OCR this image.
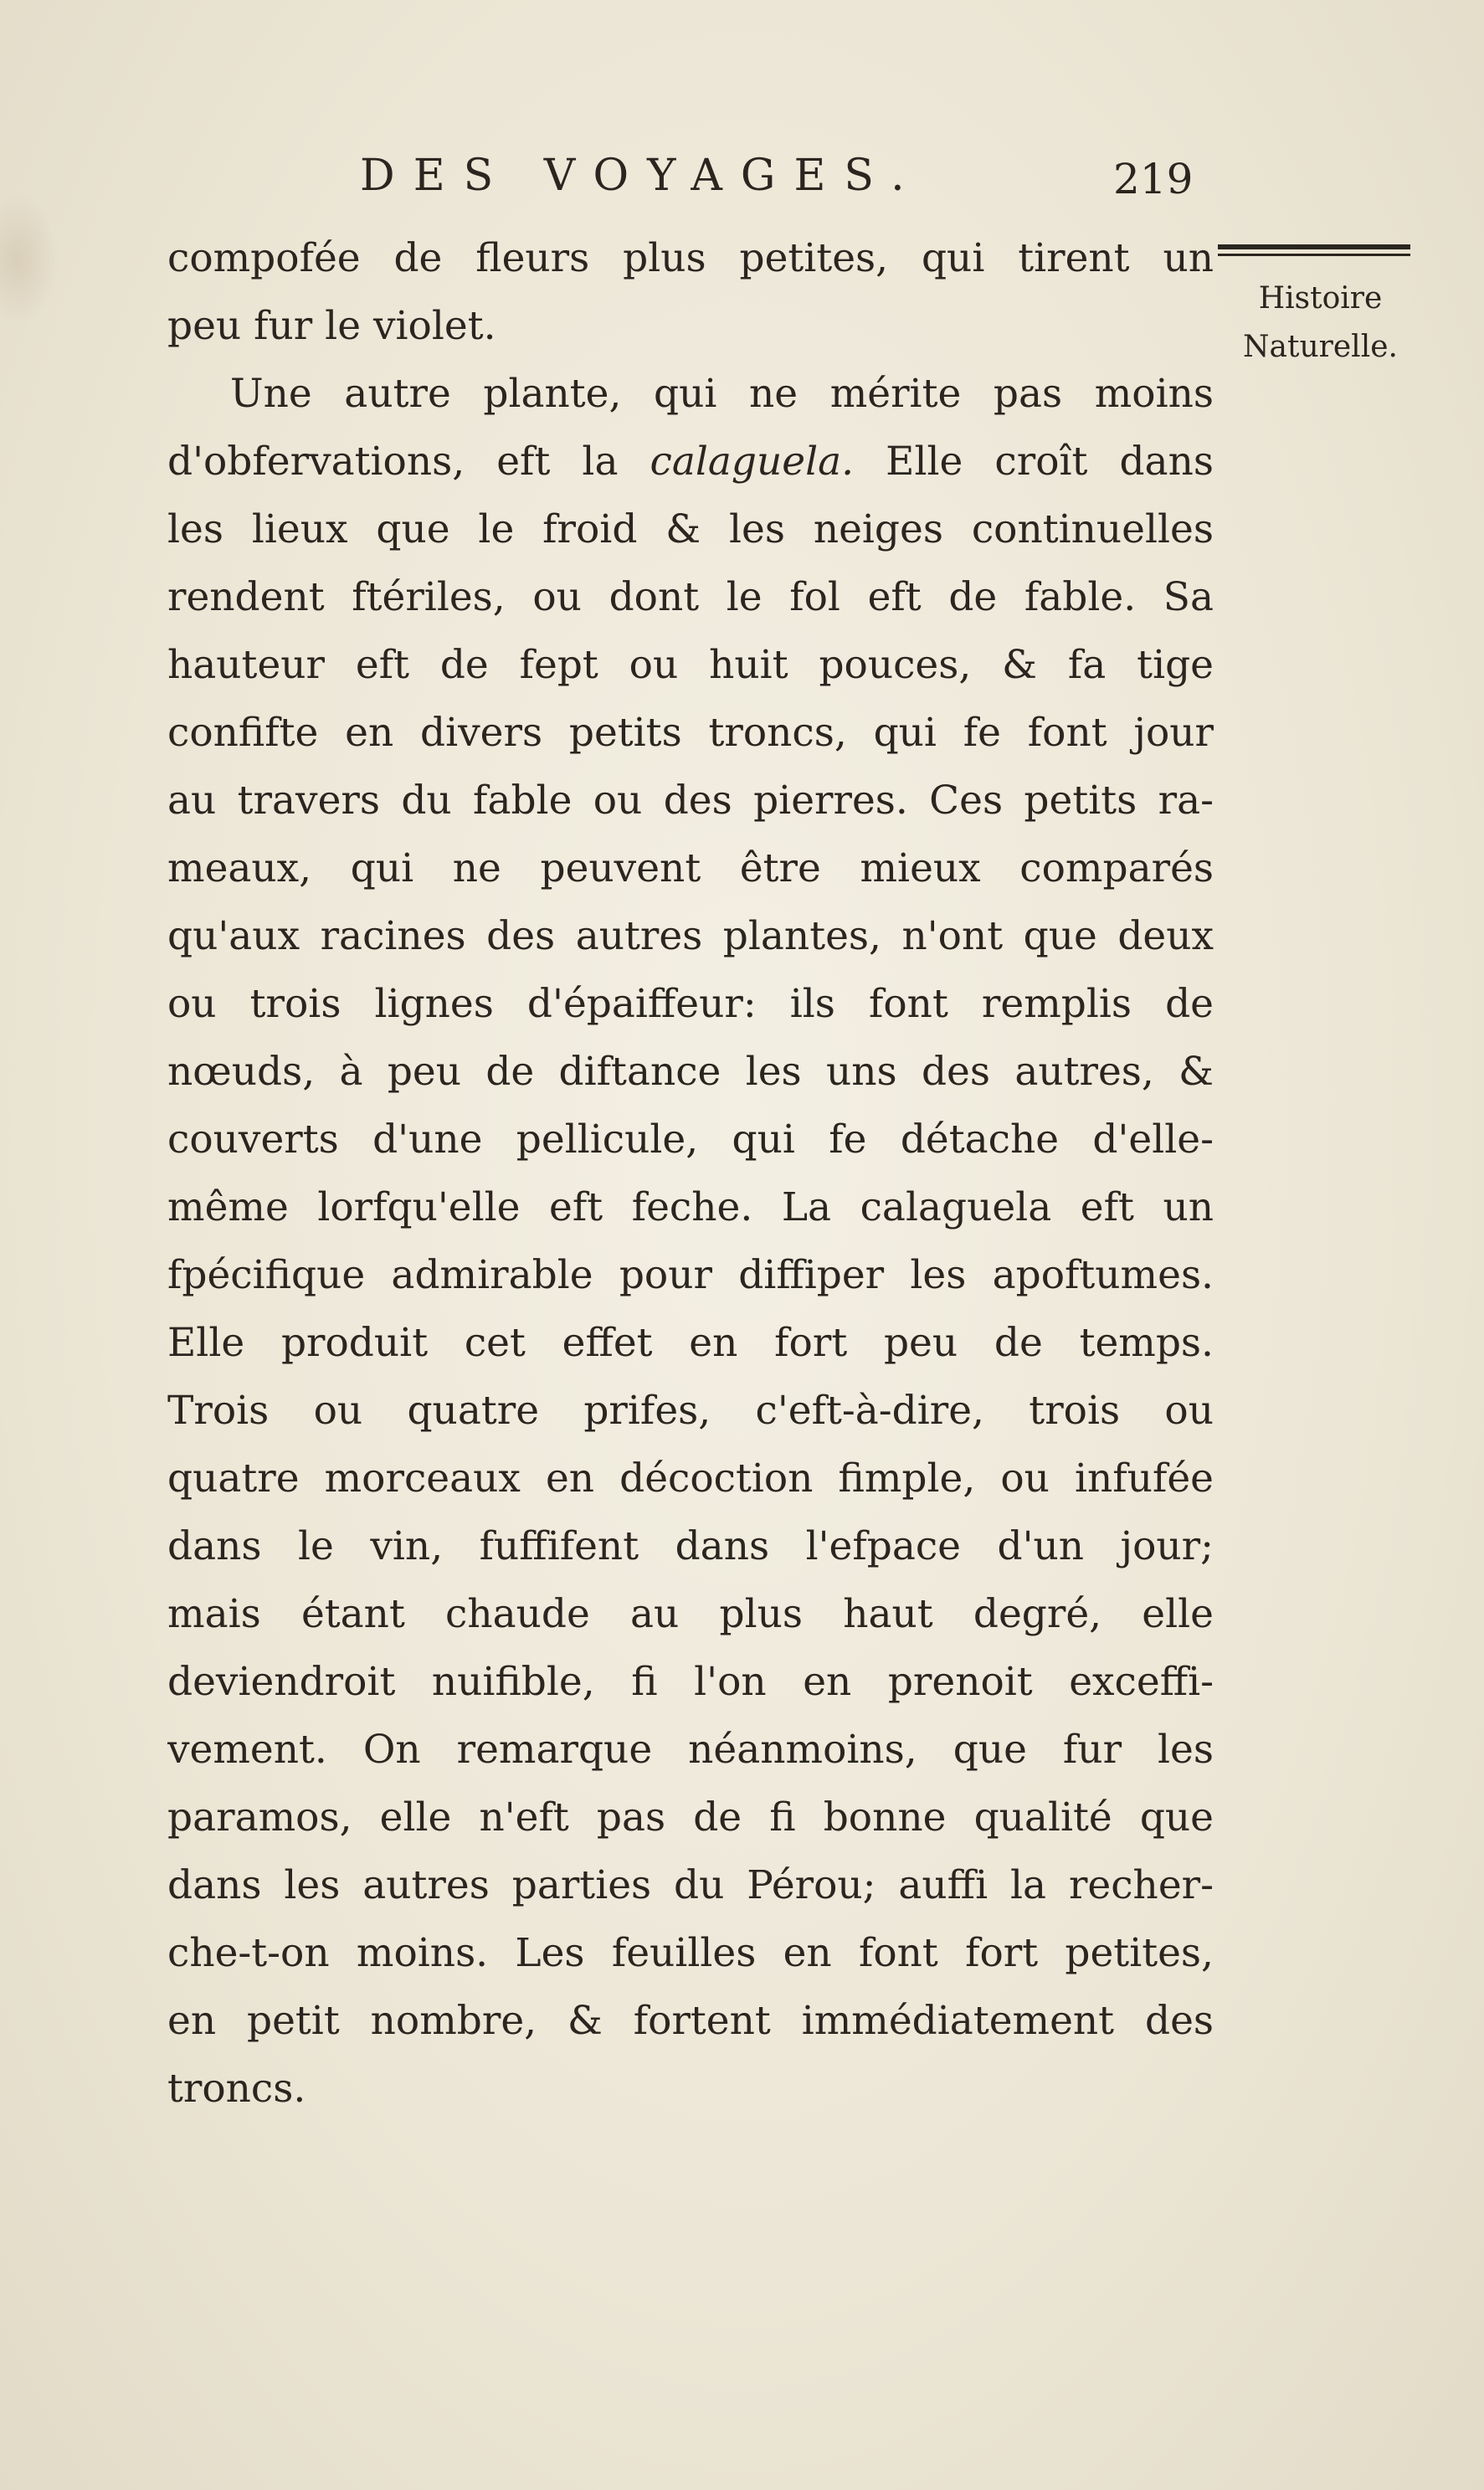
DES VOYAGES.	219
Histoire
Naturelle.
compofée de fleurs plus petites, qui tirent un
peu fur le violet.
Une autre plante, qui ne mérite pas moins
d'obfervations, eft la calaguela. Elle croît dans
les lieux que le froid & les neiges continuelles
rendent ftériles, ou dont le fol eft de fable. Sa
hauteur eft de fept ou huit pouces, & fa tige
confifte en divers petits troncs, qui fe font jour
au travers du fable ou des pierres. Ces petits ra-
meaux, qui ne peuvent être mieux comparés
qu'aux racines des autres plantes, n'ont que deux
ou trois lignes d'épaiffeur: ils font remplis de
nœuds, à peu de diftance les uns des autres, &
couverts d'une pellicule, qui fe détache d'elle-
même lorfqu'elle eft feche. La calaguela eft un
fpécifique admirable pour diffiper les apoftumes.
Elle produit cet effet en fort peu de temps.
Trois ou quatre prifes, c'eft-à-dire, trois ou
quatre morceaux en décoction fimple, ou infufée
dans le vin, fuffifent dans l'efpace d'un jour;
mais étant chaude au plus haut degré, elle
deviendroit nuifible, fi l'on en prenoit exceffi-
vement. On remarque néanmoins, que fur les
paramos, elle n'eft pas de fi bonne qualité que
dans les autres parties du Pérou; auffi la recher-
che-t-on moins. Les feuilles en font fort petites,
en petit nombre, & fortent immédiatement des
troncs.
